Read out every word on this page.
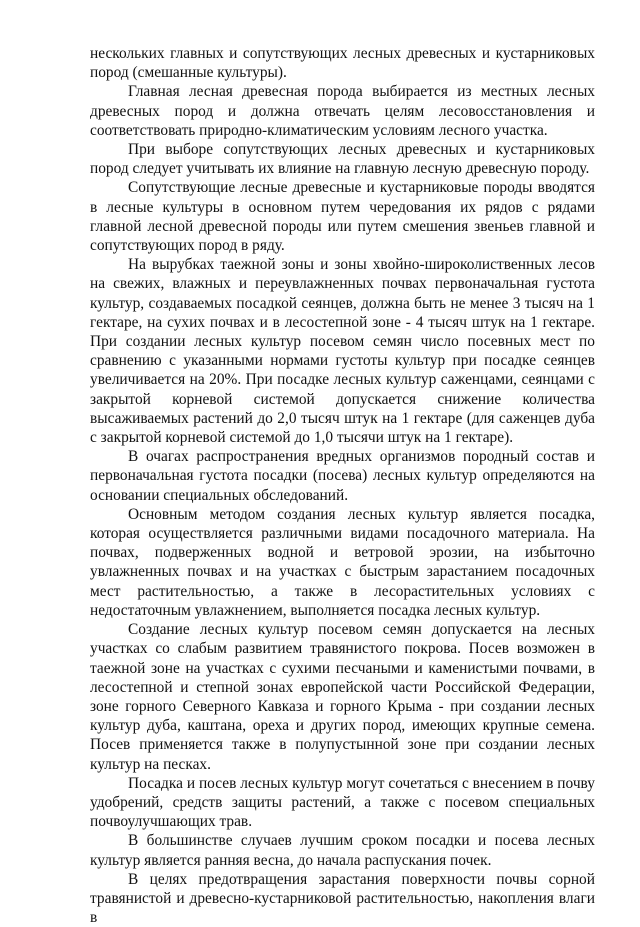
нескольких главных и сопутствующих лесных древесных и кустарниковых пород (смешанные культуры).

Главная лесная древесная порода выбирается из местных лесных древесных пород и должна отвечать целям лесовосстановления и соответствовать природно-климатическим условиям лесного участка.

При выборе сопутствующих лесных древесных и кустарниковых пород следует учитывать их влияние на главную лесную древесную породу.

Сопутствующие лесные древесные и кустарниковые породы вводятся в лесные культуры в основном путем чередования их рядов с рядами главной лесной древесной породы или путем смешения звеньев главной и сопутствующих пород в ряду.

На вырубках таежной зоны и зоны хвойно-широколиственных лесов на свежих, влажных и переувлажненных почвах первоначальная густота культур, создаваемых посадкой сеянцев, должна быть не менее 3 тысяч на 1 гектаре, на сухих почвах и в лесостепной зоне - 4 тысяч штук на 1 гектаре. При создании лесных культур посевом семян число посевных мест по сравнению с указанными нормами густоты культур при посадке сеянцев увеличивается на 20%. При посадке лесных культур саженцами, сеянцами с закрытой корневой системой допускается снижение количества высаживаемых растений до 2,0 тысяч штук на 1 гектаре (для саженцев дуба с закрытой корневой системой до 1,0 тысячи штук на 1 гектаре).

В очагах распространения вредных организмов породный состав и первоначальная густота посадки (посева) лесных культур определяются на основании специальных обследований.

Основным методом создания лесных культур является посадка, которая осуществляется различными видами посадочного материала. На почвах, подверженных водной и ветровой эрозии, на избыточно увлажненных почвах и на участках с быстрым зарастанием посадочных мест растительностью, а также в лесорастительных условиях с недостаточным увлажнением, выполняется посадка лесных культур.

Создание лесных культур посевом семян допускается на лесных участках со слабым развитием травянистого покрова. Посев возможен в таежной зоне на участках с сухими песчаными и каменистыми почвами, в лесостепной и степной зонах европейской части Российской Федерации, зоне горного Северного Кавказа и горного Крыма - при создании лесных культур дуба, каштана, ореха и других пород, имеющих крупные семена. Посев применяется также в полупустынной зоне при создании лесных культур на песках.

Посадка и посев лесных культур могут сочетаться с внесением в почву удобрений, средств защиты растений, а также с посевом специальных почвоулучшающих трав.

В большинстве случаев лучшим сроком посадки и посева лесных культур является ранняя весна, до начала распускания почек.

В целях предотвращения зарастания поверхности почвы сорной травянистой и древесно-кустарниковой растительностью, накопления влаги в
